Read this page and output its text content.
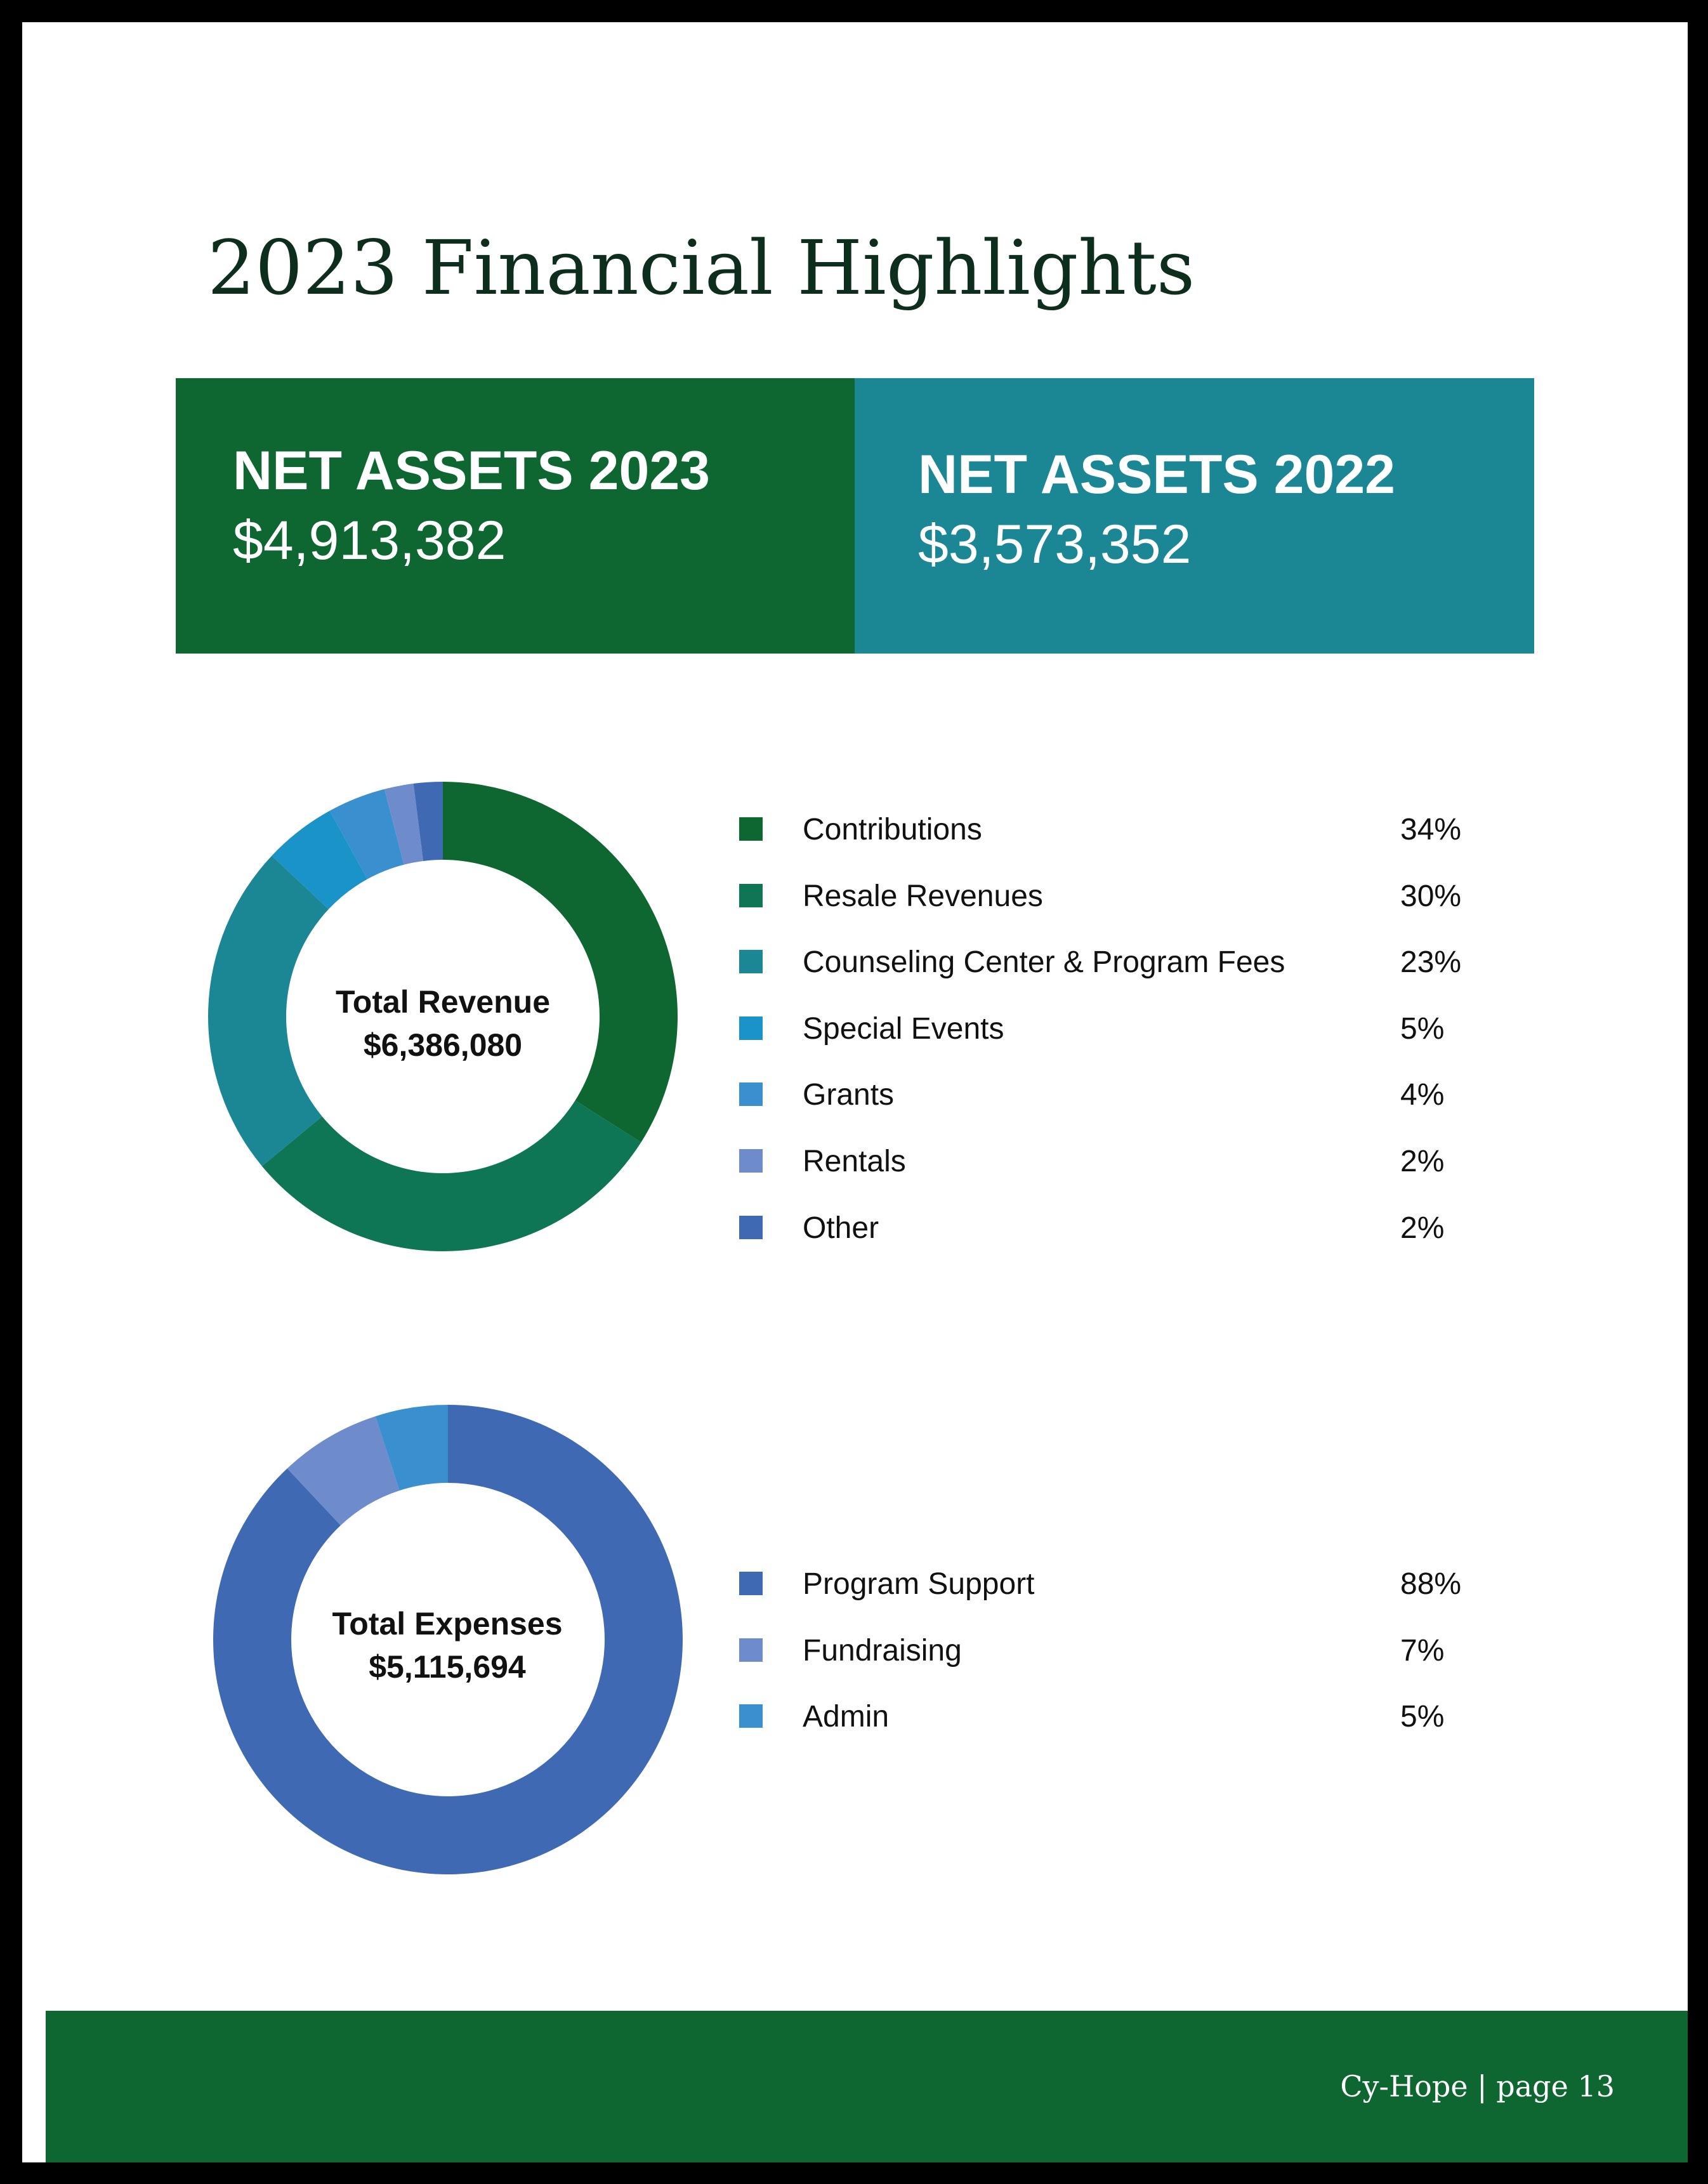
2023 Financial Highlights
NET ASSETS 2023
$4,913,382
NET ASSETS 2022
$3,573,352
Total Revenue
$6,386,080
Contributions	34%
Resale Revenues	30%
Counseling Center & Program Fees	23%
Special Events	5%
Grants	4%
Rentals	2%
Other	2%
Total Expenses
$5,115,694
Program Support	88%
Fundraising	7%
Admin	5%
Cy-Hope | page 13
